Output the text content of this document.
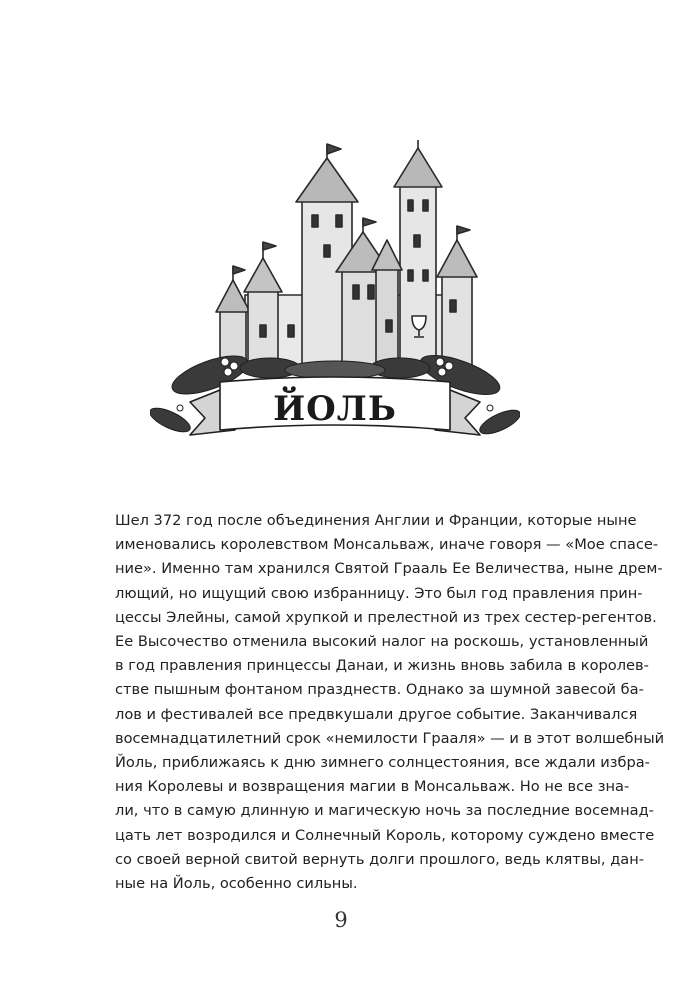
ЙОЛЬ
Шел 372 год после объединения Англии и Франции, которые ныне
именовались королевством Монсальваж, иначе говоря — «Мое спасе-
ние». Именно там хранился Святой Грааль Ее Величества, ныне дрем-
лющий, но ищущий свою избранницу. Это был год правления прин-
цессы Элейны, самой хрупкой и прелестной из трех сестер-регентов.
Ее Высочество отменила высокий налог на роскошь, установленный
в год правления принцессы Данаи, и жизнь вновь забила в королев-
стве пышным фонтаном празднеств. Однако за шумной завесой ба-
лов и фестивалей все предвкушали другое событие. Заканчивался
восемнадцатилетний срок «немилости Грааля» — и в этот волшебный
Йоль, приближаясь к дню зимнего солнцестояния, все ждали избра-
ния Королевы и возвращения магии в Монсальваж. Но не все зна-
ли, что в самую длинную и магическую ночь за последние восемнад-
цать лет возродился и Солнечный Король, которому суждено вместе
со своей верной свитой вернуть долги прошлого, ведь клятвы, дан-
ные на Йоль, особенно сильны.
9
